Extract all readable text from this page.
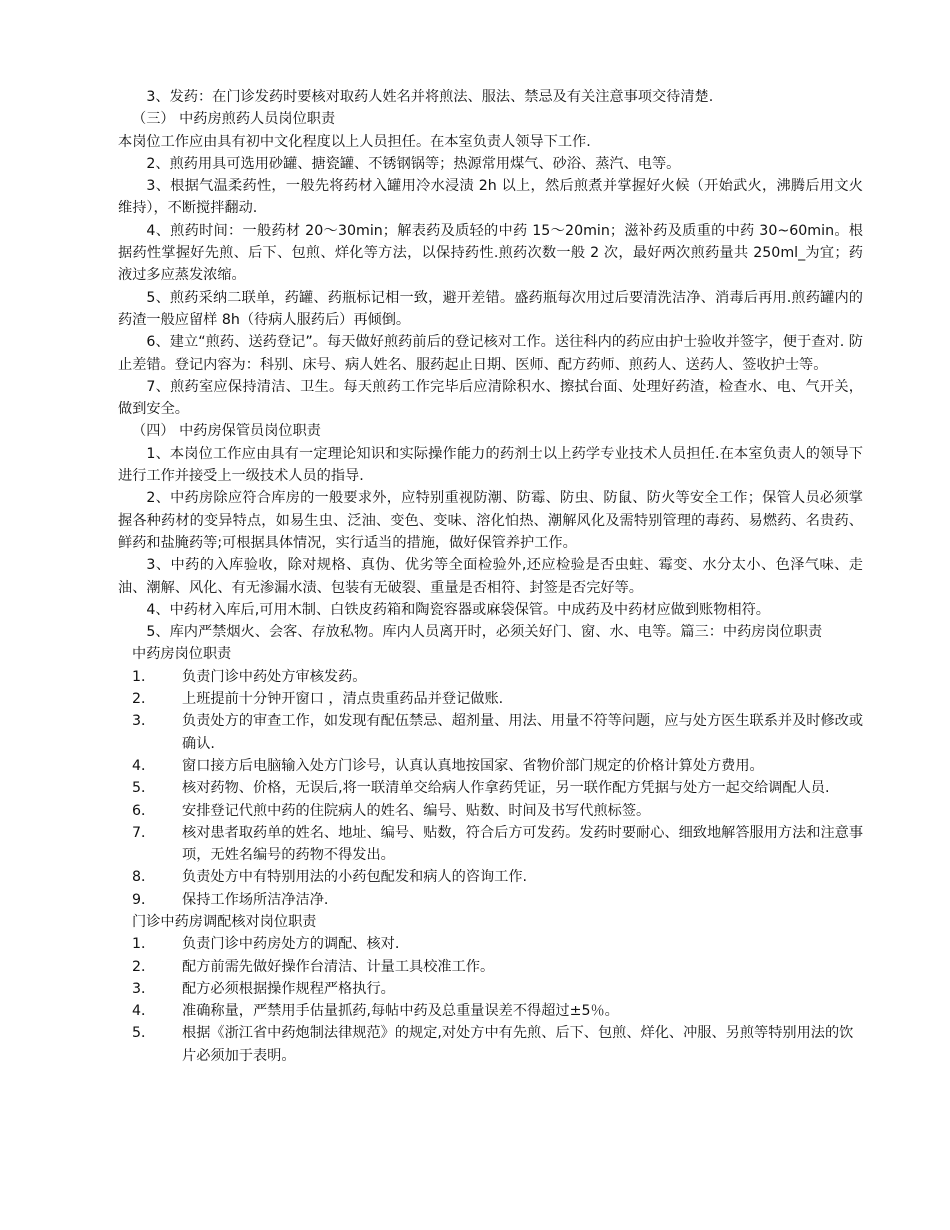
3、发药：在门诊发药时要核对取药人姓名并将煎法、服法、禁忌及有关注意事项交待清楚.

（三） 中药房煎药人员岗位职责

本岗位工作应由具有初中文化程度以上人员担任。在本室负责人领导下工作.

2、煎药用具可选用砂罐、搪瓷罐、不锈钢锅等；热源常用煤气、砂浴、蒸汽、电等。

3、根据气温柔药性，一般先将药材入罐用冷水浸渍 2h 以上，然后煎煮并掌握好火候（开始武火，沸腾后用文火维持），不断搅拌翻动.

4、煎药时间：一般药材 20～30min；解表药及质轻的中药 15～20min；滋补药及质重的中药 30~60min。根据药性掌握好先煎、后下、包煎、烊化等方法，以保持药性.煎药次数一般 2 次，最好两次煎药量共 250ml_为宜；药液过多应蒸发浓缩。

5、煎药采纳二联单，药罐、药瓶标记相一致，避开差错。盛药瓶每次用过后要清洗洁净、消毒后再用.煎药罐内的药渣一般应留样 8h（待病人服药后）再倾倒。

6、建立“煎药、送药登记”。每天做好煎药前后的登记核对工作。送往科内的药应由护士验收并签字，便于查对. 防止差错。登记内容为：科别、床号、病人姓名、服药起止日期、医师、配方药师、煎药人、送药人、签收护士等。

7、煎药室应保持清洁、卫生。每天煎药工作完毕后应清除积水、擦拭台面、处理好药渣，检查水、电、气开关，做到安全。

（四） 中药房保管员岗位职责

1、本岗位工作应由具有一定理论知识和实际操作能力的药剂士以上药学专业技术人员担任.在本室负责人的领导下进行工作并接受上一级技术人员的指导.

2、中药房除应符合库房的一般要求外，应特别重视防潮、防霉、防虫、防鼠、防火等安全工作；保管人员必须掌握各种药材的变异特点，如易生虫、泛油、变色、变味、溶化怕热、潮解风化及需特别管理的毒药、易燃药、名贵药、鲜药和盐腌药等;可根据具体情况，实行适当的措施，做好保管养护工作。

3、中药的入库验收，除对规格、真伪、优劣等全面检验外,还应检验是否虫蛀、霉变、水分太小、色泽气味、走油、潮解、风化、有无渗漏水渍、包装有无破裂、重量是否相符、封签是否完好等。

4、中药材入库后,可用木制、白铁皮药箱和陶瓷容器或麻袋保管。中成药及中药材应做到账物相符。

5、库内严禁烟火、会客、存放私物。库内人员离开时，必须关好门、窗、水、电等。篇三：中药房岗位职责

中药房岗位职责

1．	负责门诊中药处方审核发药。
2．	上班提前十分钟开窗口 ，清点贵重药品并登记做账.
3．	负责处方的审查工作，如发现有配伍禁忌、超剂量、用法、用量不符等问题，应与处方医生联系并及时修改或确认.
4．	窗口接方后电脑输入处方门诊号，认真认真地按国家、省物价部门规定的价格计算处方费用。
5．	核对药物、价格，无误后,将一联清单交给病人作拿药凭证，另一联作配方凭据与处方一起交给调配人员.
6．	安排登记代煎中药的住院病人的姓名、编号、贴数、时间及书写代煎标签。
7．	核对患者取药单的姓名、地址、编号、贴数，符合后方可发药。发药时要耐心、细致地解答服用方法和注意事项，无姓名编号的药物不得发出。
8．	负责处方中有特别用法的小药包配发和病人的咨询工作.
9．	保持工作场所洁净洁净.

门诊中药房调配核对岗位职责

1．	负责门诊中药房处方的调配、核对.
2．	配方前需先做好操作台清洁、计量工具校准工作。
3．	配方必须根据操作规程严格执行。
4．	准确称量，严禁用手估量抓药,每帖中药及总重量误差不得超过±5％。
5．	根据《浙江省中药炮制法律规范》的规定,对处方中有先煎、后下、包煎、烊化、冲服、另煎等特别用法的饮片必须加于表明。
